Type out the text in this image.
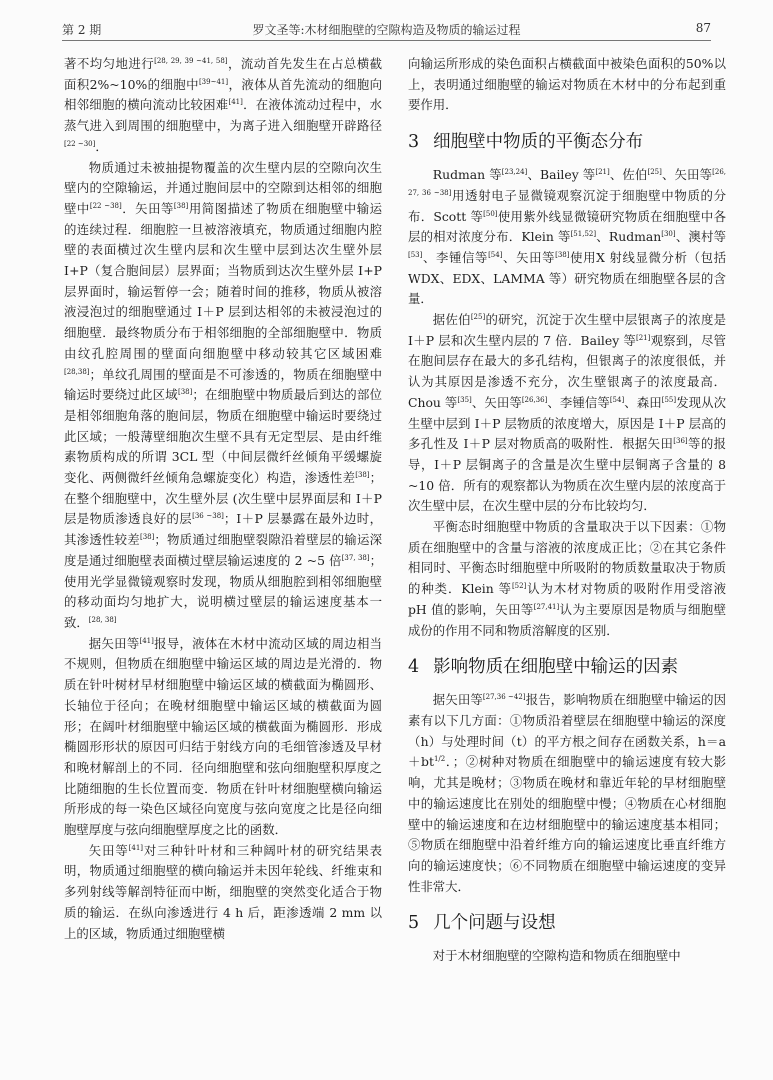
第 2 期	罗文圣等:木材细胞壁的空隙构造及物质的输运过程	87

著不均匀地进行[28, 29, 39 ~41, 58]，流动首先发生在占总横截面积2%~10%的细胞中[39~41]，液体从首先流动的细胞向相邻细胞的横向流动比较困难[41]．在液体流动过程中，水蒸气进入到周围的细胞壁中，为离子进入细胞壁开辟路径[22 ~30]．

物质通过未被抽提物覆盖的次生壁内层的空隙向次生壁内的空隙输运，并通过胞间层中的空隙到达相邻的细胞壁中[22 ~38]．矢田等[38]用简图描述了物质在细胞壁中输运的连续过程．细胞腔一旦被溶液填充，物质通过细胞内腔壁的表面横过次生壁内层和次生壁中层到达次生壁外层 Ⅰ+P（复合胞间层）层界面；当物质到达次生壁外层 Ⅰ+P 层界面时，输运暂停一会；随着时间的推移，物质从被溶液浸泡过的细胞壁通过 I＋P 层到达相邻的未被浸泡过的细胞壁．最终物质分布于相邻细胞的全部细胞壁中．物质由纹孔腔周围的壁面向细胞壁中移动较其它区域困难[28,38]；单纹孔周围的壁面是不可渗透的，物质在细胞壁中输运时要绕过此区域[38]；在细胞壁中物质最后到达的部位是相邻细胞角落的胞间层，物质在细胞壁中输运时要绕过此区域；一般薄壁细胞次生壁不具有无定型层、是由纤维素物质构成的所谓 3CL 型（中间层微纤丝倾角平缓螺旋变化、两侧微纤丝倾角急螺旋变化）构造，渗透性差[38]；在整个细胞壁中，次生壁外层 (次生壁中层界面层和 I＋P 层是物质渗透良好的层[36 ~38]；I＋P 层暴露在最外边时，其渗透性较差[38]；物质通过细胞壁裂隙沿着壁层的输运深度是通过细胞壁表面横过壁层输运速度的 2 ~5 倍[37, 38]；使用光学显微镜观察时发现，物质从细胞腔到相邻细胞壁的移动面均匀地扩大，说明横过壁层的输运速度基本一致．[28, 38]

据矢田等[41]报导，液体在木材中流动区域的周边相当不规则，但物质在细胞壁中输运区域的周边是光滑的．物质在针叶树材早材细胞壁中输运区域的横截面为椭圆形、长轴位于径向；在晚材细胞壁中输运区域的横截面为圆形；在阔叶材细胞壁中输运区域的横截面为椭圆形．形成椭圆形形状的原因可归结于射线方向的毛细管渗透及早材和晚材解剖上的不同．径向细胞壁和弦向细胞壁积厚度之比随细胞的生长位置而变．物质在针叶材细胞壁横向输运所形成的每一染色区域径向宽度与弦向宽度之比是径向细胞壁厚度与弦向细胞壁厚度之比的函数．

矢田等[41]对三种针叶材和三种阔叶材的研究结果表明，物质通过细胞壁的横向输运并未因年轮线、纤维束和多列射线等解剖特征而中断，细胞壁的突然变化适合于物质的输运．在纵向渗透进行 4 h 后，距渗透端 2 mm 以上的区域，物质通过细胞壁横

向输运所形成的染色面积占横截面中被染色面积的50%以上，表明通过细胞壁的输运对物质在木材中的分布起到重要作用．

3 细胞壁中物质的平衡态分布

Rudman 等[23,24]、Bailey 等[21]、佐伯[25]、矢田等[26, 27, 36 ~38]用透射电子显微镜观察沉淀于细胞壁中物质的分布．Scott 等[50]使用紫外线显微镜研究物质在细胞壁中各层的相对浓度分布．Klein 等[51,52]、Rudman[30]、澳村等[53]、李锺信等[54]、矢田等[38]使用X 射线显微分析（包括 WDX、EDX、LAMMA 等）研究物质在细胞壁各层的含量．

据佐伯[25]的研究，沉淀于次生壁中层银离子的浓度是 I＋P 层和次生壁内层的 7 倍．Bailey 等[21]观察到，尽管在胞间层存在最大的多孔结构，但银离子的浓度很低，并认为其原因是渗透不充分，次生壁银离子的浓度最高．Chou 等[35]、矢田等[26,36]、李锺信等[54]、森田[55]发现从次生壁中层到 I＋P 层物质的浓度增大，原因是 I＋P 层高的多孔性及 I＋P 层对物质高的吸附性．根据矢田[36]等的报导，I＋P 层铜离子的含量是次生壁中层铜离子含量的 8 ~10 倍．所有的观察都认为物质在次生壁内层的浓度高于次生壁中层，在次生壁中层的分布比较均匀．

平衡态时细胞壁中物质的含量取决于以下因素：①物质在细胞壁中的含量与溶液的浓度成正比；②在其它条件相同时、平衡态时细胞壁中所吸附的物质数量取决于物质的种类．Klein 等[52]认为木材对物质的吸附作用受溶液 pH 值的影响，矢田等[27,41]认为主要原因是物质与细胞壁成份的作用不同和物质溶解度的区别．

4 影响物质在细胞壁中输运的因素

据矢田等[27,36 ~42]报告，影响物质在细胞壁中输运的因素有以下几方面：①物质沿着壁层在细胞壁中输运的深度（h）与处理时间（t）的平方根之间存在函数关系，$h=a+bt^{1/2}$．；②树种对物质在细胞壁中的输运速度有较大影响，尤其是晚材；③物质在晚材和靠近年轮的早材细胞壁中的输运速度比在别处的细胞壁中慢；④物质在心材细胞壁中的输运速度和在边材细胞壁中的输运速度基本相同；⑤物质在细胞壁中沿着纤维方向的输运速度比垂直纤维方向的输运速度快；⑥不同物质在细胞壁中输运速度的变异性非常大．

5 几个问题与设想

对于木材细胞壁的空隙构造和物质在细胞壁中
